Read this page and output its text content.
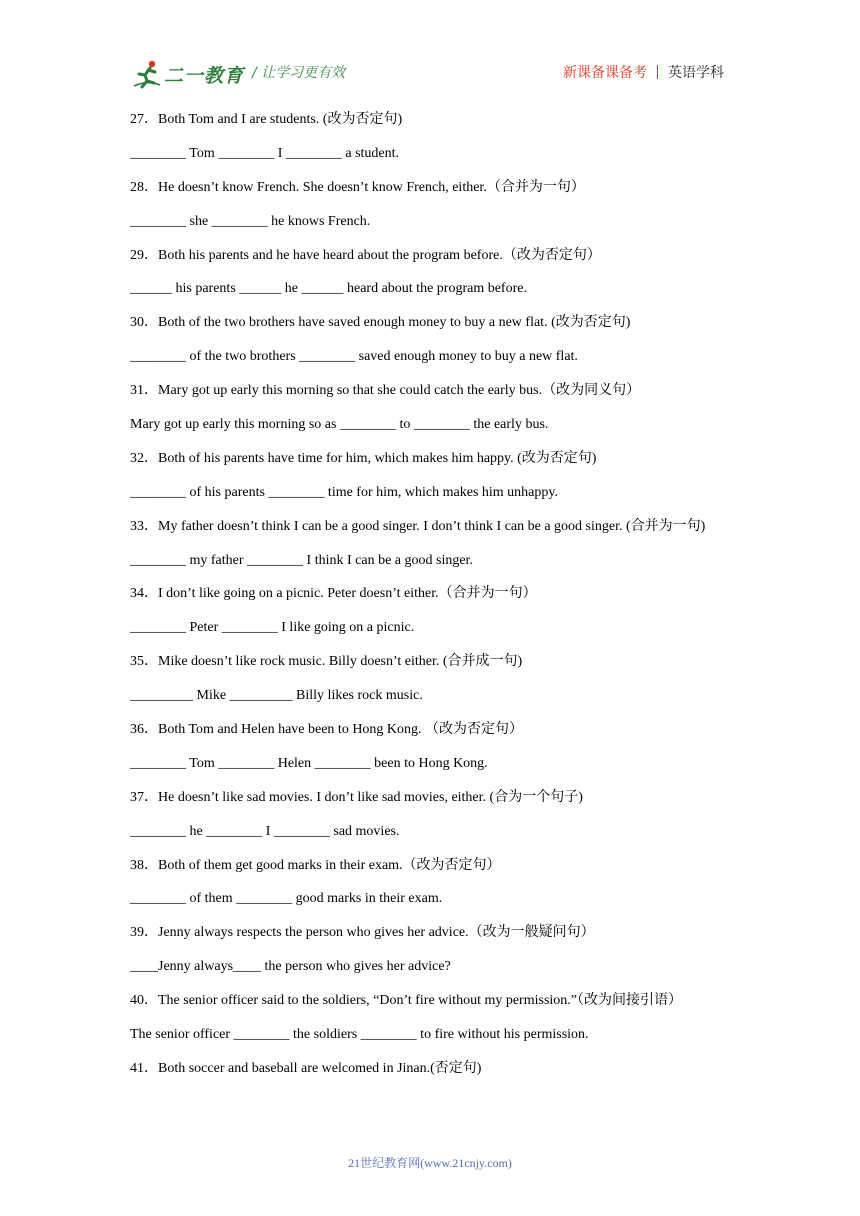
二一教育 / 让学习更有效	新课备课备考 英语学科
27．Both Tom and I are students. (改为否定句)
________ Tom ________ I ________ a student.
28．He doesn’t know French. She doesn’t know French, either.（合并为一句）
________ she ________ he knows French.
29．Both his parents and he have heard about the program before.（改为否定句）
______ his parents ______ he ______ heard about the program before.
30．Both of the two brothers have saved enough money to buy a new flat. (改为否定句)
________ of the two brothers ________ saved enough money to buy a new flat.
31．Mary got up early this morning so that she could catch the early bus.（改为同义句）
Mary got up early this morning so as ________ to ________ the early bus.
32．Both of his parents have time for him, which makes him happy. (改为否定句)
________ of his parents ________ time for him, which makes him unhappy.
33．My father doesn’t think I can be a good singer. I don’t think I can be a good singer. (合并为一句)
________ my father ________ I think I can be a good singer.
34．I don’t like going on a picnic. Peter doesn’t either.（合并为一句）
________ Peter ________ I like going on a picnic.
35．Mike doesn’t like rock music. Billy doesn’t either. (合并成一句)
_________ Mike _________ Billy likes rock music.
36．Both Tom and Helen have been to Hong Kong. （改为否定句）
________ Tom ________ Helen ________ been to Hong Kong.
37．He doesn’t like sad movies. I don’t like sad movies, either. (合为一个句子)
________ he ________ I ________ sad movies.
38．Both of them get good marks in their exam.（改为否定句）
________ of them ________ good marks in their exam.
39．Jenny always respects the person who gives her advice.（改为一般疑问句）
____Jenny always____ the person who gives her advice?
40．The senior officer said to the soldiers, “Don’t fire without my permission.”（改为间接引语）
The senior officer ________ the soldiers ________ to fire without his permission.
41．Both soccer and baseball are welcomed in Jinan.(否定句)
21世纪教育网(www.21cnjy.com)
